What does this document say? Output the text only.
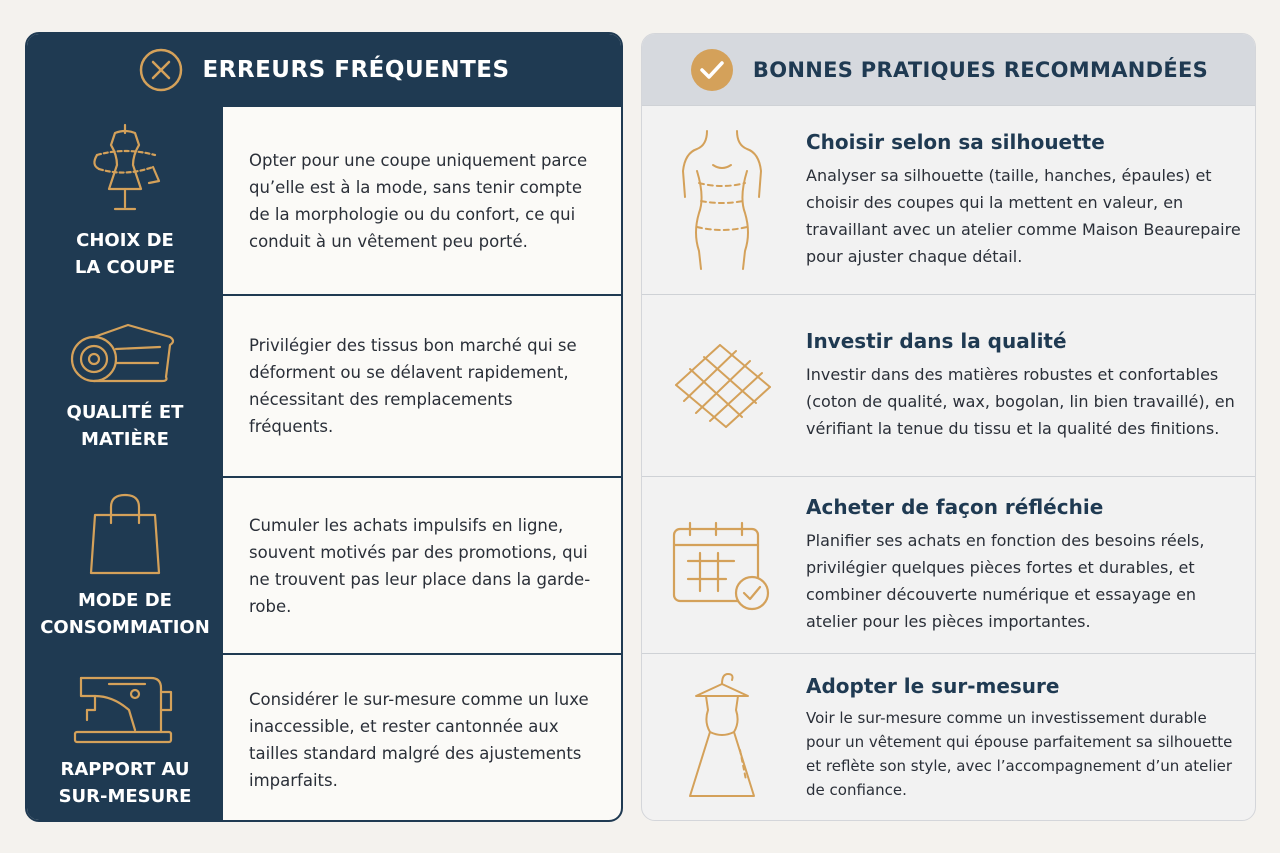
ERREURS FRÉQUENTES
CHOIX DE
LA COUPE
Opter pour une coupe uniquement parce qu’elle est à la mode, sans tenir compte de la morphologie ou du confort, ce qui conduit à un vêtement peu porté.
QUALITÉ ET
MATIÈRE
Privilégier des tissus bon marché qui se déforment ou se délavent rapidement, nécessitant des remplacements fréquents.
MODE DE
CONSOMMATION
Cumuler les achats impulsifs en ligne, souvent motivés par des promotions, qui ne trouvent pas leur place dans la garde-robe.
RAPPORT AU
SUR-MESURE
Considérer le sur-mesure comme un luxe inaccessible, et rester cantonnée aux tailles standard malgré des ajustements imparfaits.
BONNES PRATIQUES RECOMMANDÉES
Choisir selon sa silhouette
Analyser sa silhouette (taille, hanches, épaules) et choisir des coupes qui la mettent en valeur, en travaillant avec un atelier comme Maison Beaurepaire pour ajuster chaque détail.
Investir dans la qualité
Investir dans des matières robustes et confortables (coton de qualité, wax, bogolan, lin bien travaillé), en vérifiant la tenue du tissu et la qualité des finitions.
Acheter de façon réfléchie
Planifier ses achats en fonction des besoins réels, privilégier quelques pièces fortes et durables, et combiner découverte numérique et essayage en atelier pour les pièces importantes.
Adopter le sur-mesure
Voir le sur-mesure comme un investissement durable pour un vêtement qui épouse parfaitement sa silhouette et reflète son style, avec l’accompagnement d’un atelier de confiance.
